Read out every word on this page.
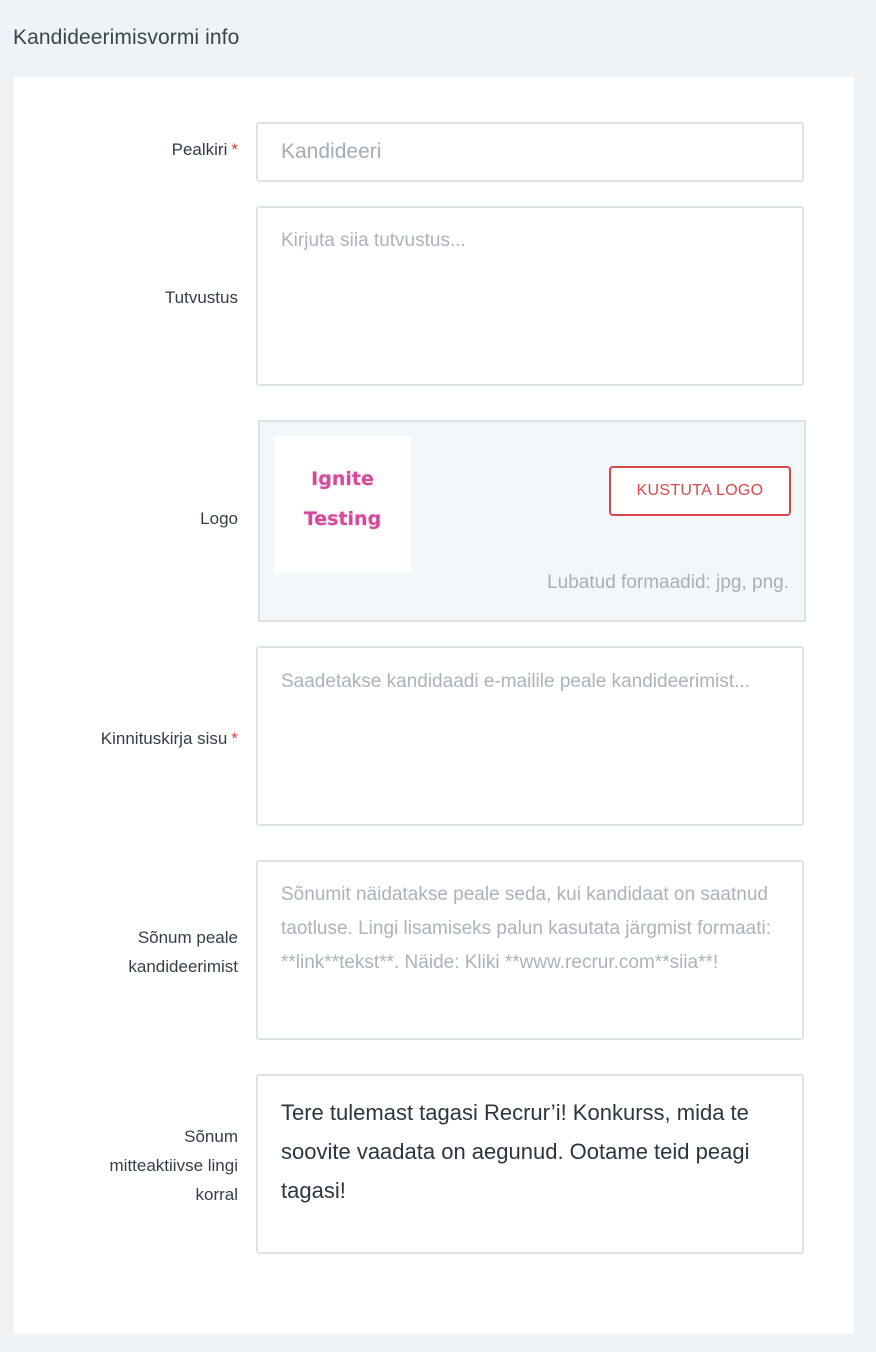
Kandideerimisvormi info
Pealkiri * Kandideeri
Tutvustus
Kirjuta siia tutvustus...
Logo
Ignite
Testing
KUSTUTA LOGO
Lubatud formaadid: jpg, png.
Kinnituskirja sisu *
Saadetakse kandidaadi e-mailile peale kandideerimist...
Sõnum peale
kandideerimist
Sõnumit näidatakse peale seda, kui kandidaat on saatnud taotluse. Lingi lisamiseks palun kasutata järgmist formaati: **link**tekst**. Näide: Kliki **www.recrur.com**siia**!
Sõnum
mitteaktiivse lingi
korral
Tere tulemast tagasi Recrur’i! Konkurss, mida te soovite vaadata on aegunud. Ootame teid peagi tagasi!
